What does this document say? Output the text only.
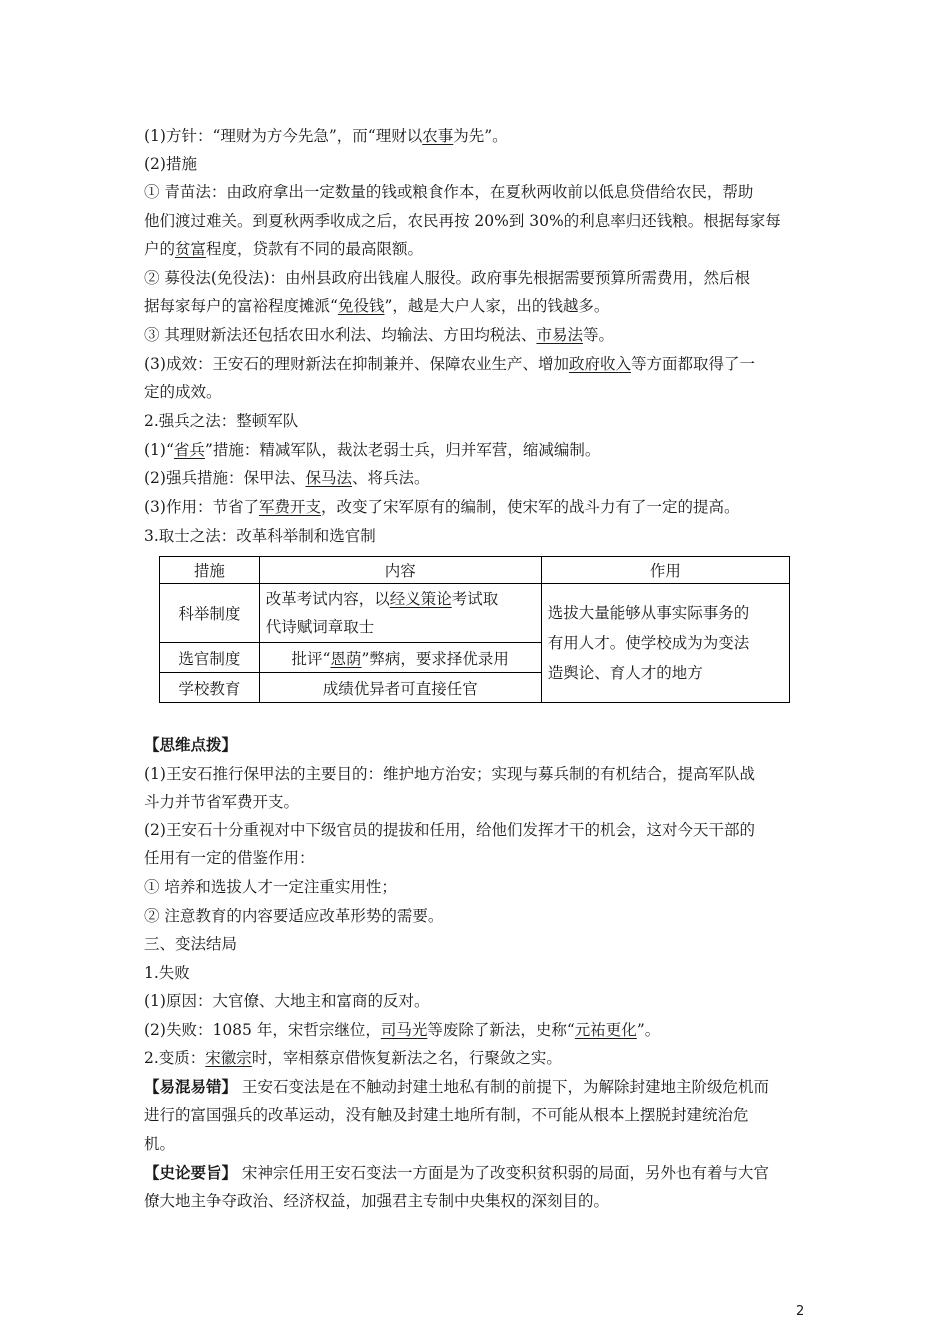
(1)方针：“理财为方今先急”，而“理财以农事为先”。
(2)措施
① 青苗法：由政府拿出一定数量的钱或粮食作本，在夏秋两收前以低息贷借给农民，帮助
他们渡过难关。到夏秋两季收成之后，农民再按 20%到 30%的利息率归还钱粮。根据每家每
户的贫富程度，贷款有不同的最高限额。
② 募役法(免役法)：由州县政府出钱雇人服役。政府事先根据需要预算所需费用，然后根
据每家每户的富裕程度摊派“免役钱”，越是大户人家，出的钱越多。
③ 其理财新法还包括农田水利法、均输法、方田均税法、市易法等。
(3)成效：王安石的理财新法在抑制兼并、保障农业生产、增加政府收入等方面都取得了一
定的成效。
2.强兵之法：整顿军队
(1)“省兵”措施：精减军队，裁汰老弱士兵，归并军营，缩减编制。
(2)强兵措施：保甲法、保马法、将兵法。
(3)作用：节省了军费开支，改变了宋军原有的编制，使宋军的战斗力有了一定的提高。
3.取士之法：改革科举制和选官制
措施	内容	作用
科举制度	改革考试内容，以经义策论考试取
代诗赋词章取士	选拔大量能够从事实际事务的
有用人才。使学校成为为变法
造舆论、育人才的地方
选官制度	批评“恩荫”弊病，要求择优录用	
学校教育	成绩优异者可直接任官	
【思维点拨】
(1)王安石推行保甲法的主要目的：维护地方治安；实现与募兵制的有机结合，提高军队战
斗力并节省军费开支。
(2)王安石十分重视对中下级官员的提拔和任用，给他们发挥才干的机会，这对今天干部的
任用有一定的借鉴作用：
① 培养和选拔人才一定注重实用性；
② 注意教育的内容要适应改革形势的需要。
三、变法结局
1.失败
(1)原因：大官僚、大地主和富商的反对。
(2)失败：1085 年，宋哲宗继位，司马光等废除了新法，史称“元祐更化”。
2.变质：宋徽宗时，宰相蔡京借恢复新法之名，行聚敛之实。
【易混易错】 王安石变法是在不触动封建土地私有制的前提下，为解除封建地主阶级危机而
进行的富国强兵的改革运动，没有触及封建土地所有制，不可能从根本上摆脱封建统治危
机。
【史论要旨】 宋神宗任用王安石变法一方面是为了改变积贫积弱的局面，另外也有着与大官
僚大地主争夺政治、经济权益，加强君主专制中央集权的深刻目的。
2
